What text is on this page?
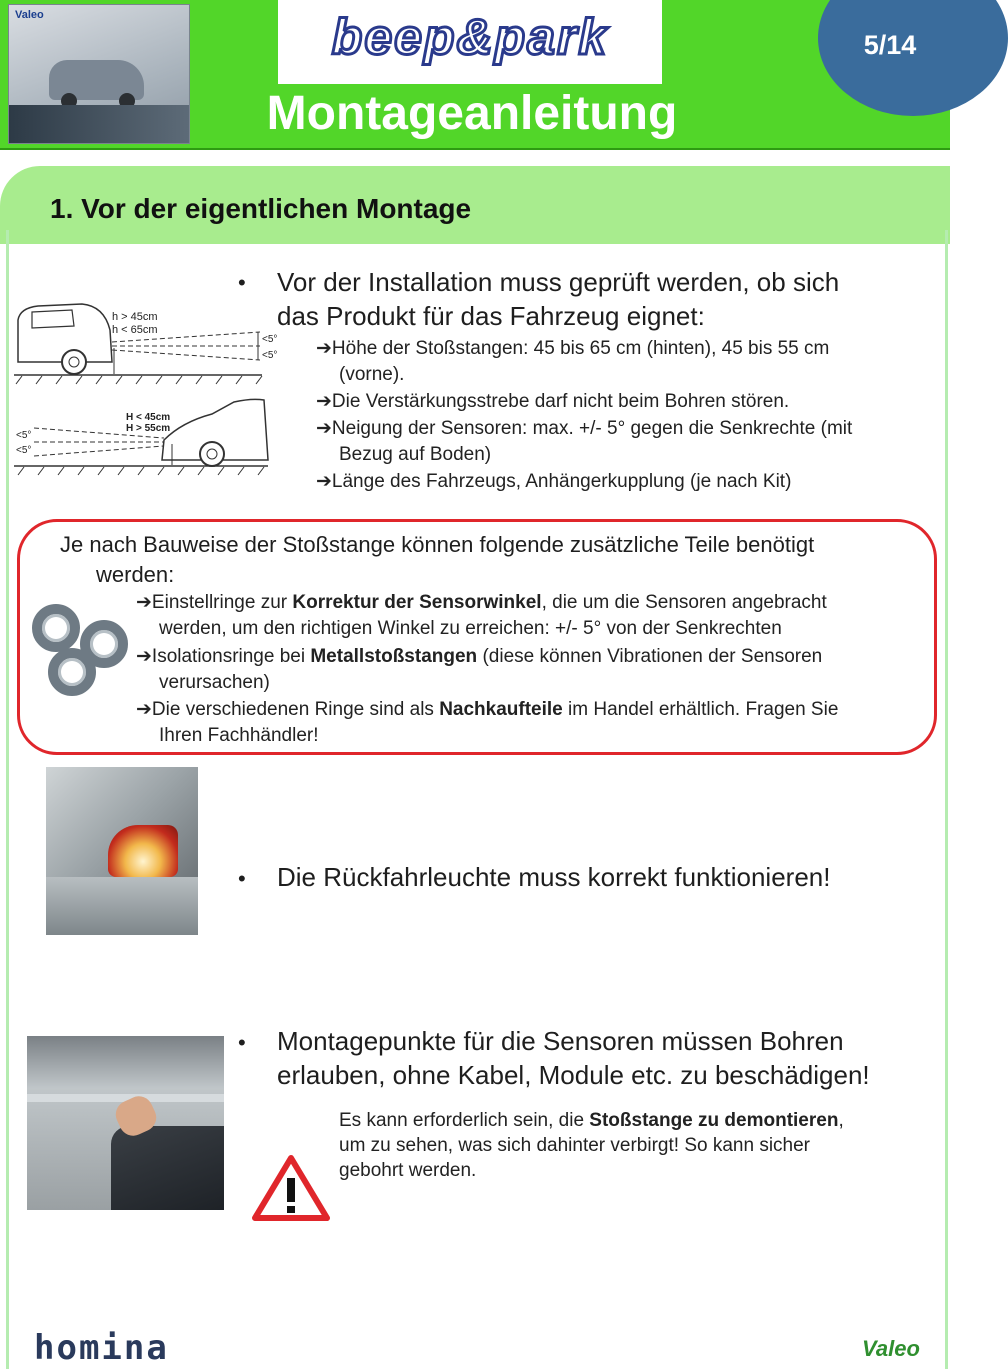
Valeo	beep&park	5/14
Montageanleitung
1. Vor der eigentlichen Montage
h > 45cm
h < 65cm
<5°
<5°
H < 45cm
H > 55cm
<5°
<5°
• Vor der Installation muss geprüft werden, ob sich
das Produkt für das Fahrzeug eignet:
➔Höhe der Stoßstangen: 45 bis 65 cm (hinten), 45 bis 55 cm
(vorne).
➔Die Verstärkungsstrebe darf nicht beim Bohren stören.
➔Neigung der Sensoren: max. +/- 5° gegen die Senkrechte (mit
Bezug auf Boden)
➔Länge des Fahrzeugs, Anhängerkupplung (je nach Kit)
Je nach Bauweise der Stoßstange können folgende zusätzliche Teile benötigt
werden:
➔Einstellringe zur Korrektur der Sensorwinkel, die um die Sensoren angebracht
werden, um den richtigen Winkel zu erreichen: +/- 5° von der Senkrechten
➔Isolationsringe bei Metallstoßstangen (diese können Vibrationen der Sensoren
verursachen)
➔Die verschiedenen Ringe sind als Nachkaufteile im Handel erhältlich. Fragen Sie
Ihren Fachhändler!
• Die Rückfahrleuchte muss korrekt funktionieren!
• Montagepunkte für die Sensoren müssen Bohren
erlauben, ohne Kabel, Module etc. zu beschädigen!
Es kann erforderlich sein, die Stoßstange zu demontieren,
um zu sehen, was sich dahinter verbirgt! So kann sicher
gebohrt werden.
homina	Valeo
